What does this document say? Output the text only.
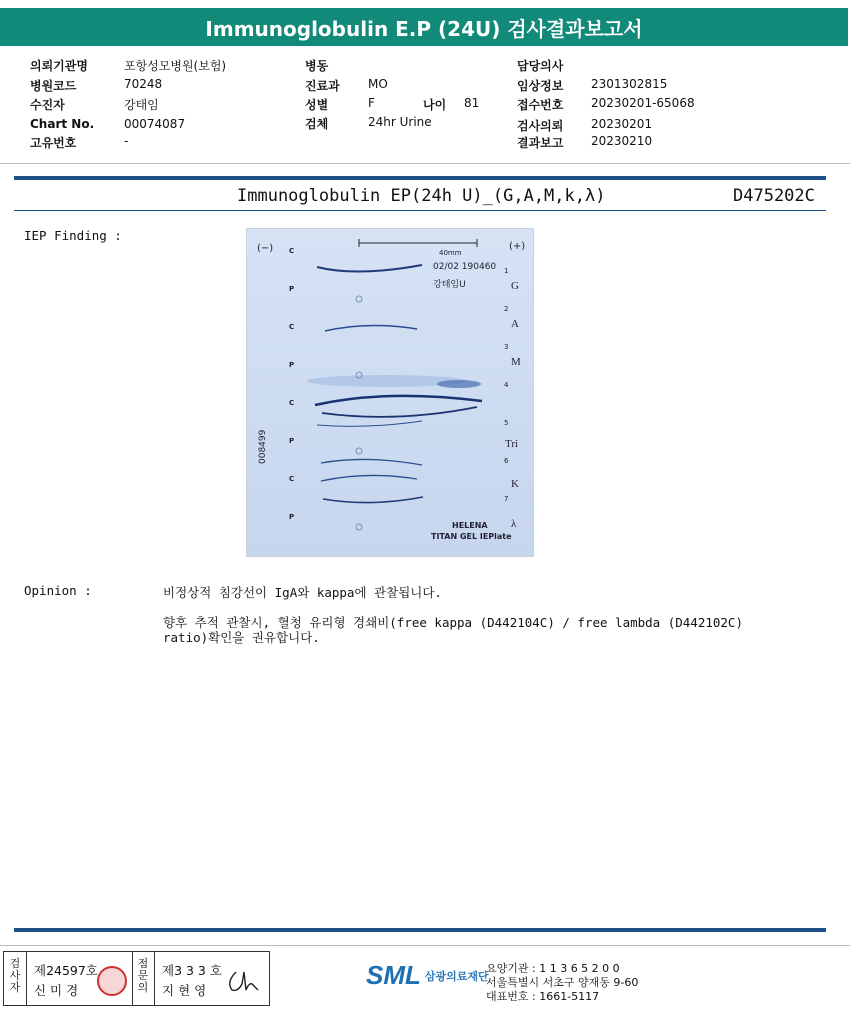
Immunoglobulin E.P (24U) 검사결과보고서
의뢰기관명	포항성모병원(보험)
병원코드	70248
수진자	강태임
Chart No. 00074087
고유번호	-
병동
진료과 MO
성별	F	나이 81
검체	24hr Urine
담당의사
임상정보 2301302815
접수번호 20230201-65068
검사의뢰 20230201
결과보고 20230210
Immunoglobulin EP(24h U)_(G,A,M,k,λ)	D475202C
IEP Finding :
40mm
(−)	(+)
02/02 190460
강태임U
C
P
C
P
C
P
C
P
1
2
3
4
5
6
7
G
A
M
Tri
K
λ
008499
HELENA
TITAN GEL IEPlate
Opinion :	비정상적 침강선이 IgA와 kappa에 관찰됩니다.
향후 추적 관찰시, 혈청 유리형 경쇄비(free kappa (D442104C) / free lambda (D442102C)
ratio)확인을 권유합니다.
검사자
제24597호
신 미 경
점문의
제3 3 3 호
지 현 영
SML 삼광의료재단
요양기관 : 1 1 3 6 5 2 0 0
서울특별시 서초구 양재동 9-60
대표번호 : 1661-5117
